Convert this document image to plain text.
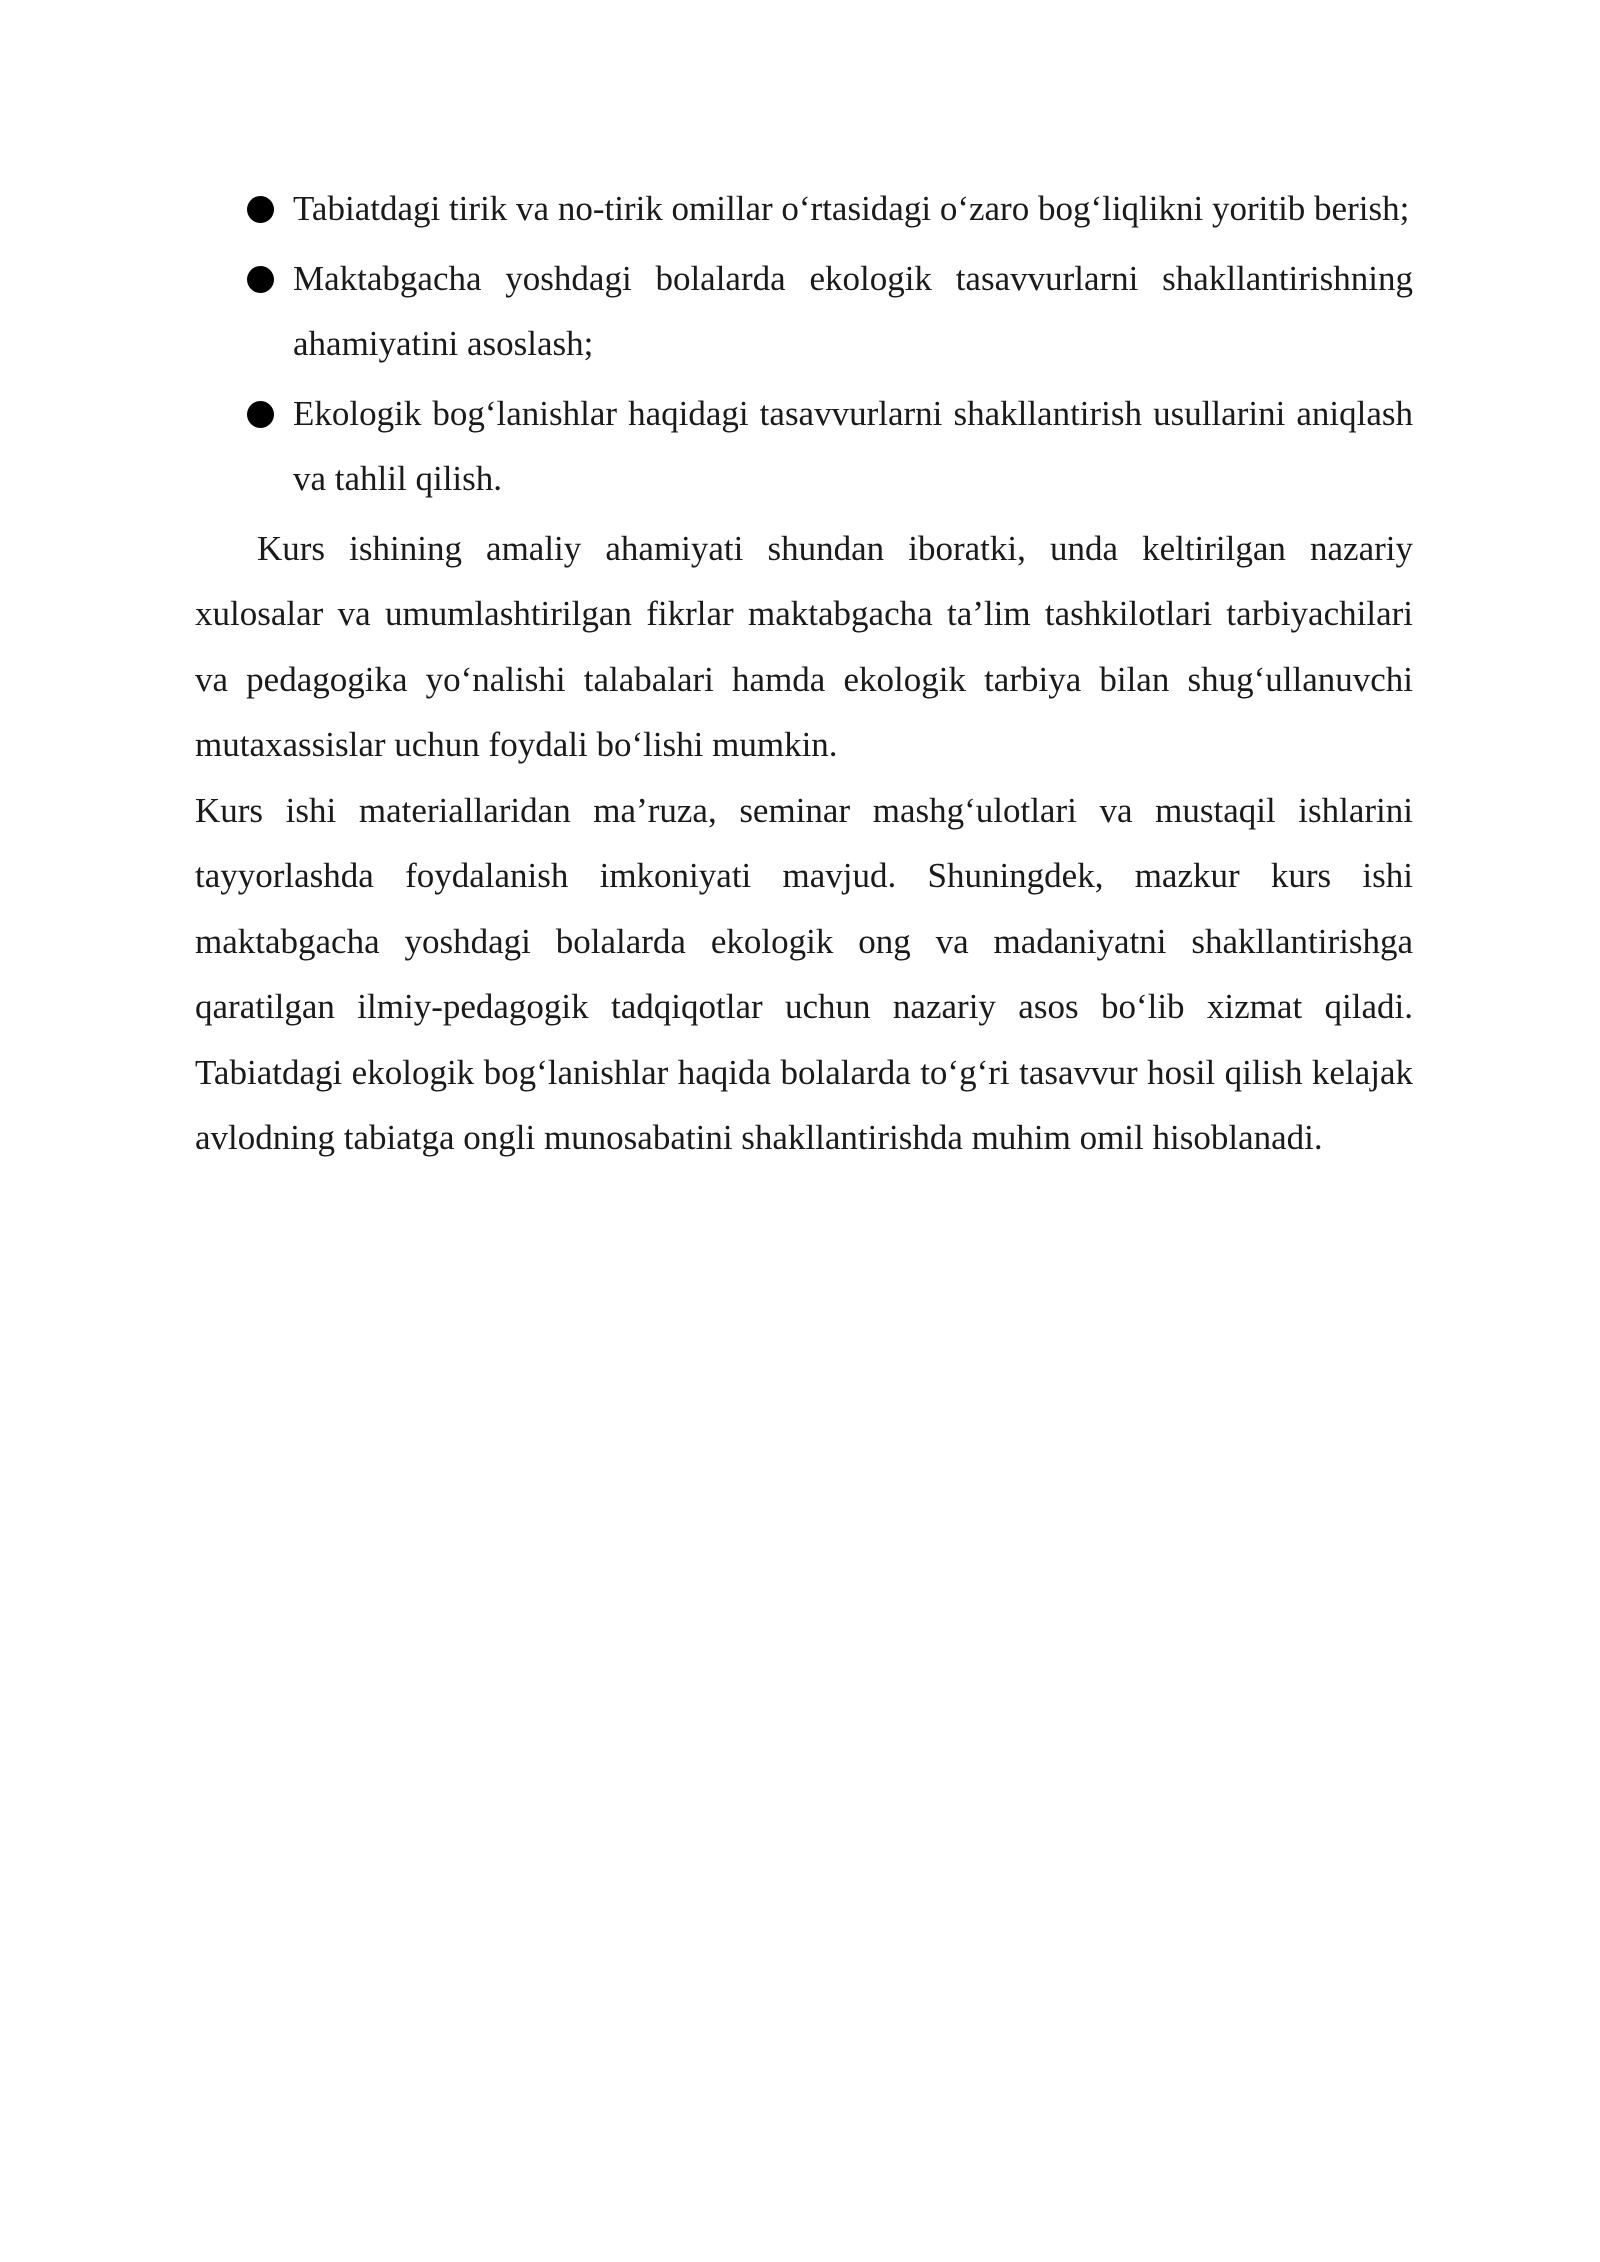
Tabiatdagi tirik va no-tirik omillar o‘rtasidagi o‘zaro bog‘liqlikni yoritib berish;
Maktabgacha yoshdagi bolalarda ekologik tasavvurlarni shakllantirishning ahamiyatini asoslash;
Ekologik bog‘lanishlar haqidagi tasavvurlarni shakllantirish usullarini aniqlash va tahlil qilish.

Kurs ishining amaliy ahamiyati shundan iboratki, unda keltirilgan nazariy xulosalar va umumlashtirilgan fikrlar maktabgacha ta’lim tashkilotlari tarbiyachilari va pedagogika yo‘nalishi talabalari hamda ekologik tarbiya bilan shug‘ullanuvchi mutaxassislar uchun foydali bo‘lishi mumkin.

Kurs ishi materiallaridan ma’ruza, seminar mashg‘ulotlari va mustaqil ishlarini tayyorlashda foydalanish imkoniyati mavjud. Shuningdek, mazkur kurs ishi maktabgacha yoshdagi bolalarda ekologik ong va madaniyatni shakllantirishga qaratilgan ilmiy-pedagogik tadqiqotlar uchun nazariy asos bo‘lib xizmat qiladi. Tabiatdagi ekologik bog‘lanishlar haqida bolalarda to‘g‘ri tasavvur hosil qilish kelajak avlodning tabiatga ongli munosabatini shakllantirishda muhim omil hisoblanadi.
